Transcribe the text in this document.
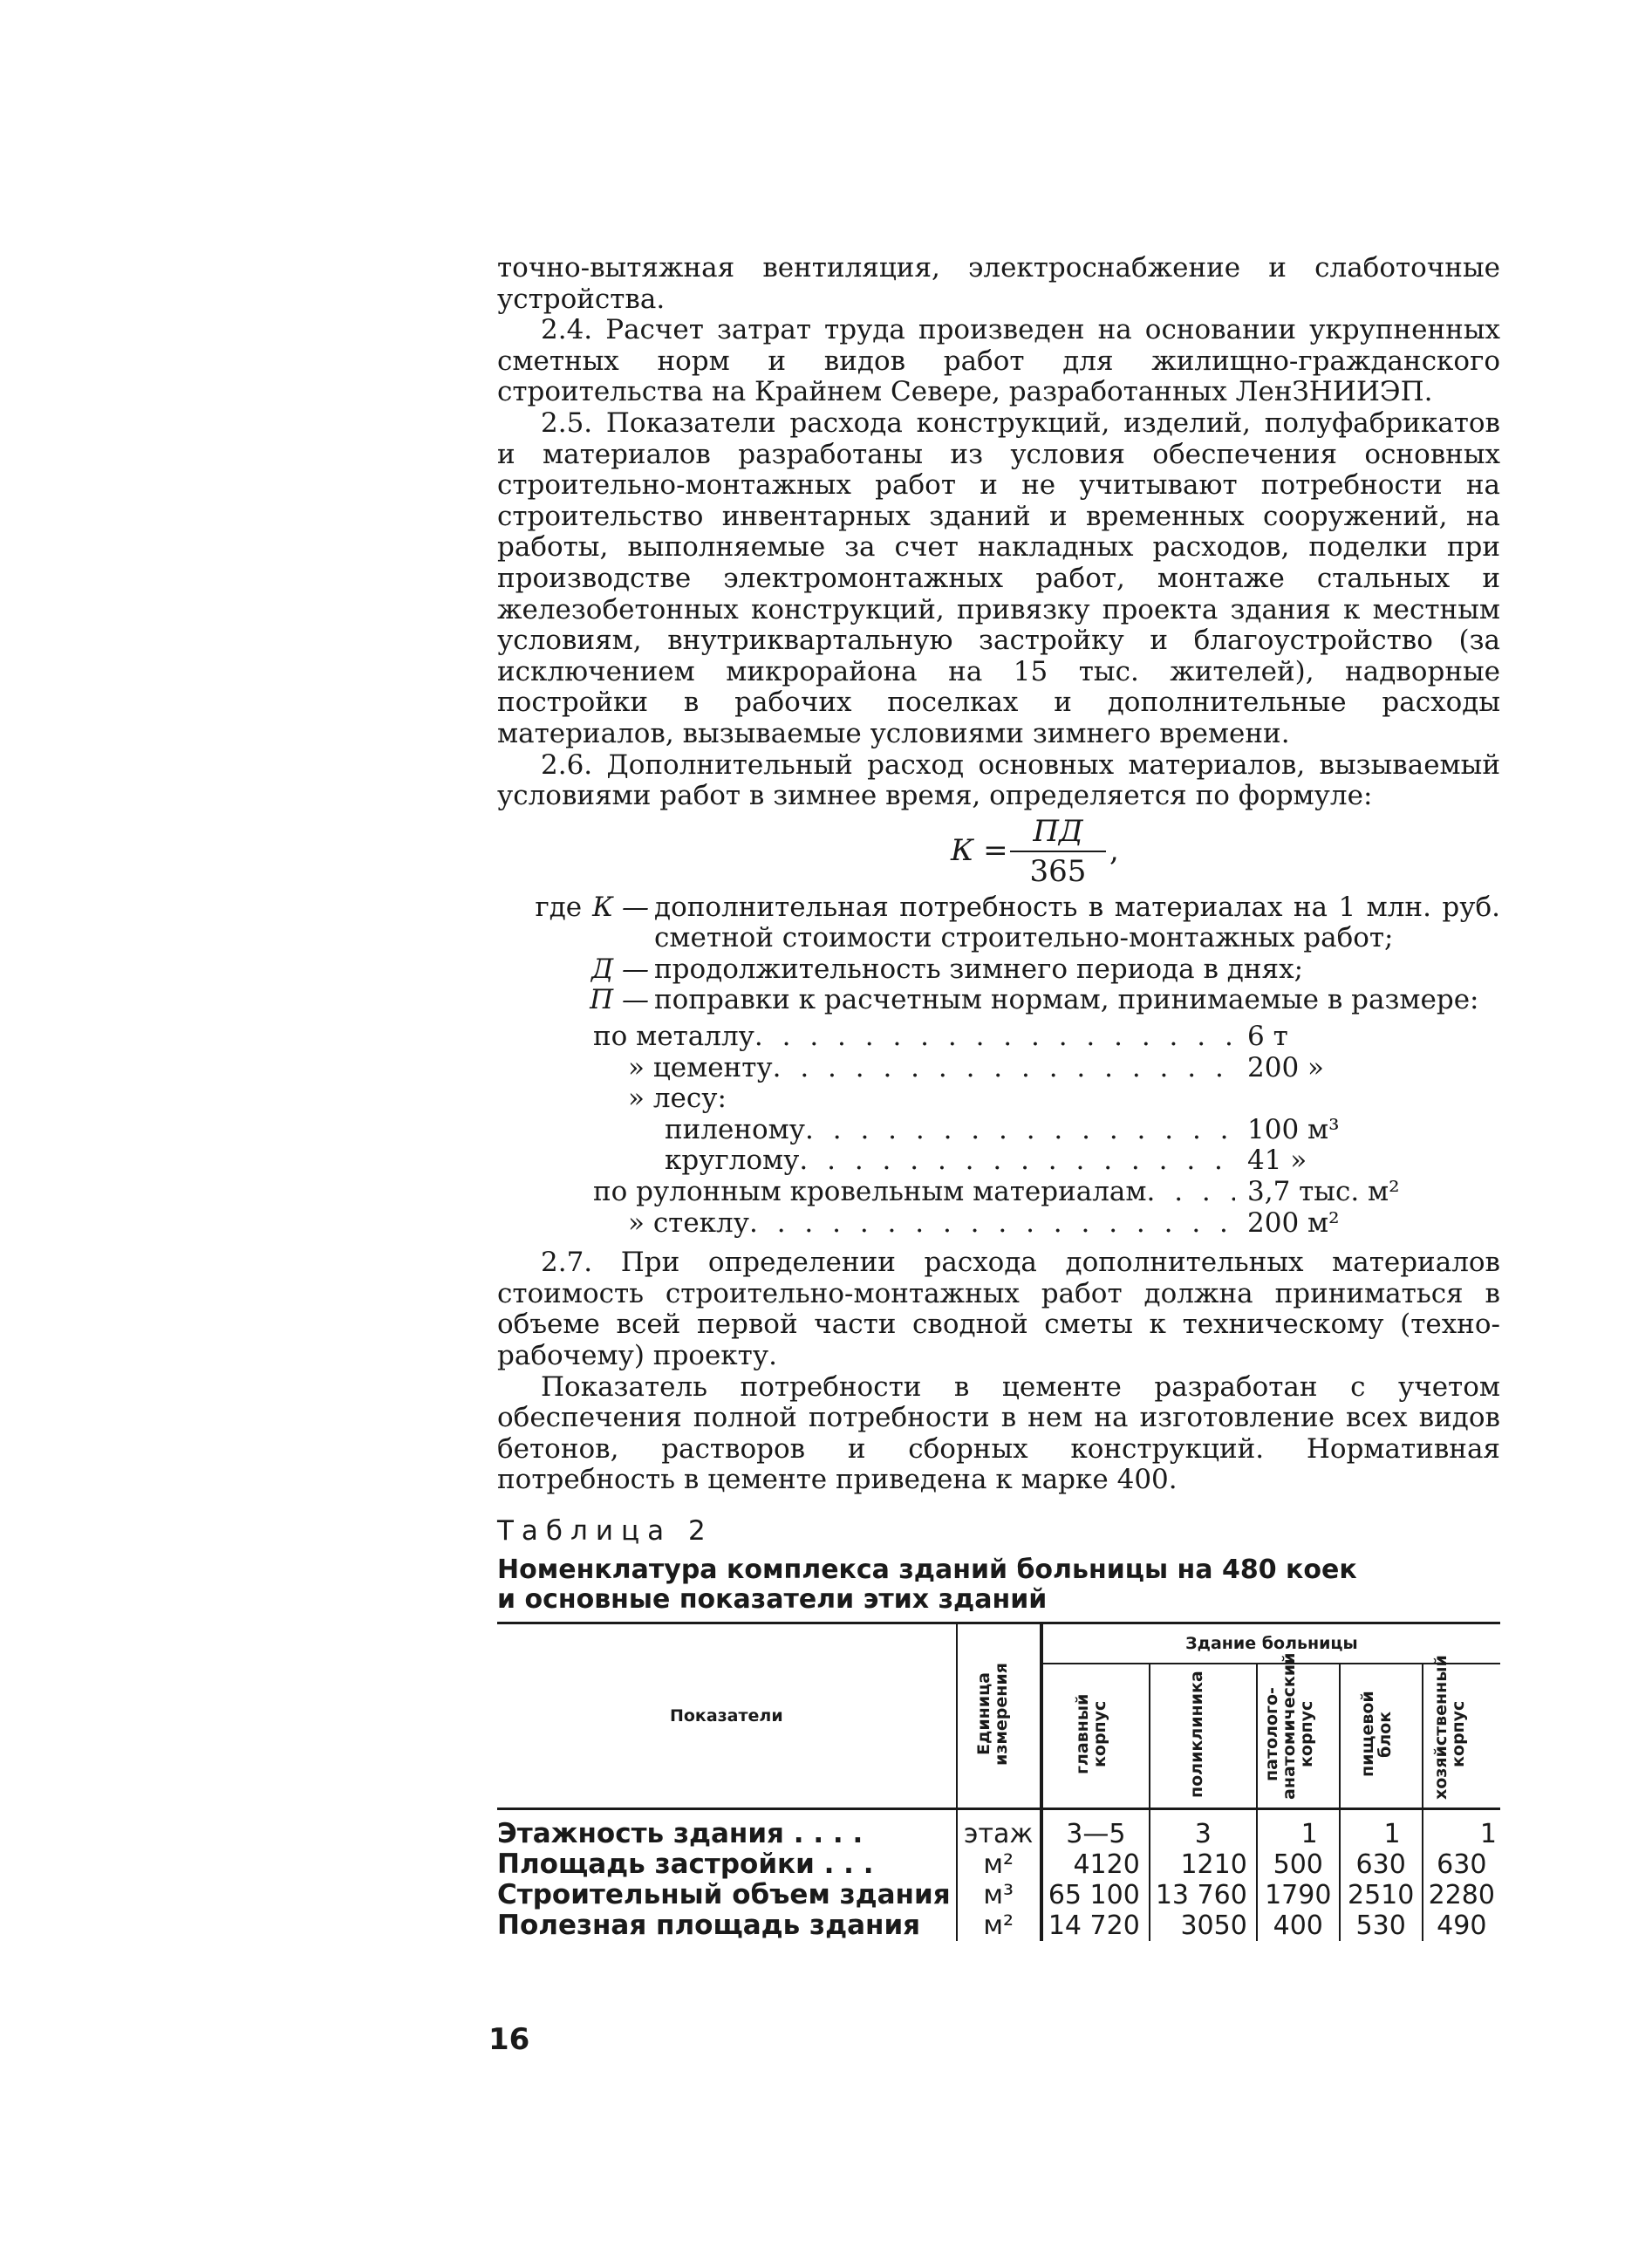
точно-вытяжная вентиляция, электроснабжение и слаботочные устройства.

2.4. Расчет затрат труда произведен на основании укрупненных сметных норм и видов работ для жилищно-гражданского строительства на Крайнем Севере, разработанных ЛенЗНИИЭП.

2.5. Показатели расхода конструкций, изделий, полуфабрикатов и материалов разработаны из условия обеспечения основных строительно-монтажных работ и не учитывают потребности на строительство инвентарных зданий и временных сооружений, на работы, выполняемые за счет накладных расходов, поделки при производстве электромонтажных работ, монтаже стальных и железобетонных конструкций, привязку проекта здания к местным условиям, внутриквартальную застройку и благоустройство (за исключением микрорайона на 15 тыс. жителей), надворные постройки в рабочих поселках и дополнительные расходы материалов, вызываемые условиями зимнего времени.

2.6. Дополнительный расход основных материалов, вызываемый условиями работ в зимнее время, определяется по формуле:

К =
ПД
365
,
где К — дополнительная потребность в материалах на 1 млн. руб. сметной стоимости строительно-монтажных работ;
Д — продолжительность зимнего периода в днях;
П — поправки к расчетным нормам, принимаемые в размере:
по металлу . . .	6 т
» цементу . . .	200 »
» лесу:
пиленому . . .	100 м³
круглому . . .	41 »
по рулонным кровельным материалам . . .	3,7 тыс. м²
» стеклу . . .	200 м²

2.7. При определении расхода дополнительных материалов стоимость строительно-монтажных работ должна приниматься в объеме всей первой части сводной сметы к техническому (техно-рабочему) проекту.

Показатель потребности в цементе разработан с учетом обеспечения полной потребности в нем на изготовление всех видов бетонов, растворов и сборных конструкций. Нормативная потребность в цементе приведена к марке 400.

Таблица 2
Номенклатура комплекса зданий больницы на 480 коек
и основные показатели этих зданий
Показатели	Единица измерения	Здание больницы				
		главный корпус	поликлиника	патолого-анатомический корпус	пищевой блок	хозяйственный корпус
Этажность здания . . . .	этаж	3—5	3	1	1	1
Площадь застройки . . .	м²	4120	1210	500	630	630
Строительный объем здания	м³	65 100	13 760	1790	2510	2280
Полезная площадь здания	м²	14 720	3050	400	530	490
16
